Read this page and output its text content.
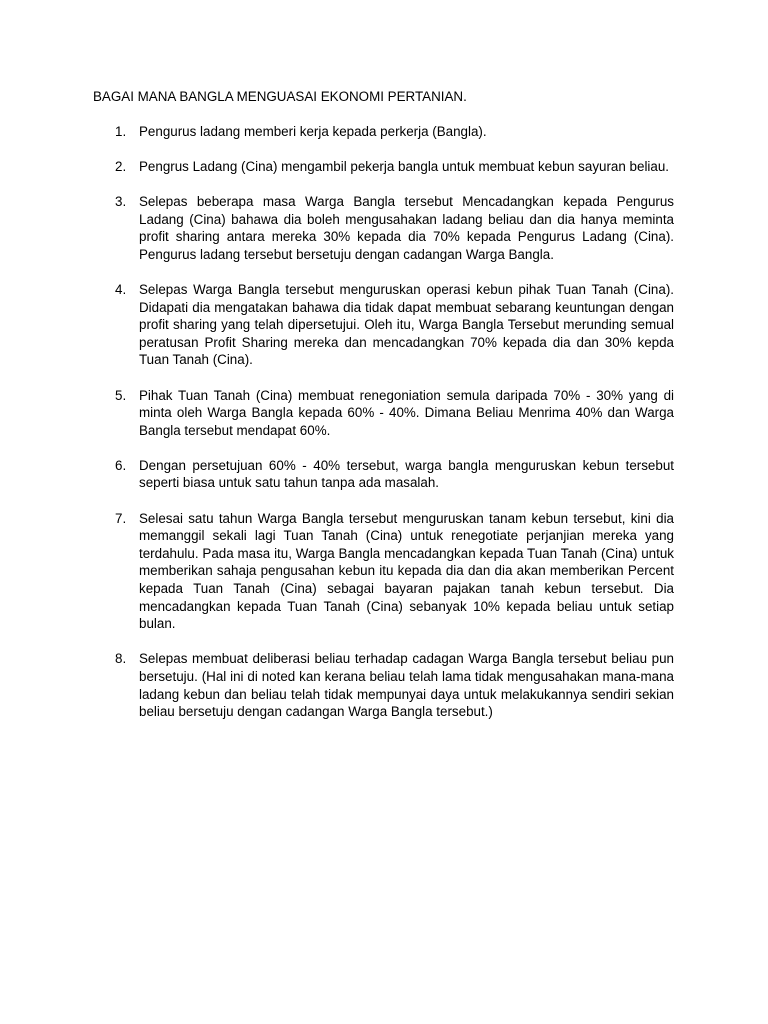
BAGAI MANA BANGLA MENGUASAI EKONOMI PERTANIAN.
1. Pengurus ladang memberi kerja kepada perkerja (Bangla).
2. Pengrus Ladang (Cina) mengambil pekerja bangla untuk membuat kebun sayuran beliau.
3. Selepas beberapa masa Warga Bangla tersebut Mencadangkan kepada Pengurus Ladang (Cina) bahawa dia boleh mengusahakan ladang beliau dan dia hanya meminta profit sharing antara mereka 30% kepada dia 70% kepada Pengurus Ladang (Cina). Pengurus ladang tersebut bersetuju dengan cadangan Warga Bangla.
4. Selepas Warga Bangla tersebut menguruskan operasi kebun pihak Tuan Tanah (Cina). Didapati dia mengatakan bahawa dia tidak dapat membuat sebarang keuntungan dengan profit sharing yang telah dipersetujui. Oleh itu, Warga Bangla Tersebut merunding semual peratusan Profit Sharing mereka dan mencadangkan 70% kepada dia dan 30% kepda Tuan Tanah (Cina).
5. Pihak Tuan Tanah (Cina) membuat renegoniation semula daripada 70% - 30% yang di minta oleh Warga Bangla kepada 60% - 40%. Dimana Beliau Menrima 40% dan Warga Bangla tersebut mendapat 60%.
6. Dengan persetujuan 60% - 40% tersebut, warga bangla menguruskan kebun tersebut seperti biasa untuk satu tahun tanpa ada masalah.
7. Selesai satu tahun Warga Bangla tersebut menguruskan tanam kebun tersebut, kini dia memanggil sekali lagi Tuan Tanah (Cina) untuk renegotiate perjanjian mereka yang terdahulu. Pada masa itu, Warga Bangla mencadangkan kepada Tuan Tanah (Cina) untuk memberikan sahaja pengusahan kebun itu kepada dia dan dia akan memberikan Percent kepada Tuan Tanah (Cina) sebagai bayaran pajakan tanah kebun tersebut. Dia mencadangkan kepada Tuan Tanah (Cina) sebanyak 10% kepada beliau untuk setiap bulan.
8. Selepas membuat deliberasi beliau terhadap cadagan Warga Bangla tersebut beliau pun bersetuju. (Hal ini di noted kan kerana beliau telah lama tidak mengusahakan mana-mana ladang kebun dan beliau telah tidak mempunyai daya untuk melakukannya sendiri sekian beliau bersetuju dengan cadangan Warga Bangla tersebut.)
